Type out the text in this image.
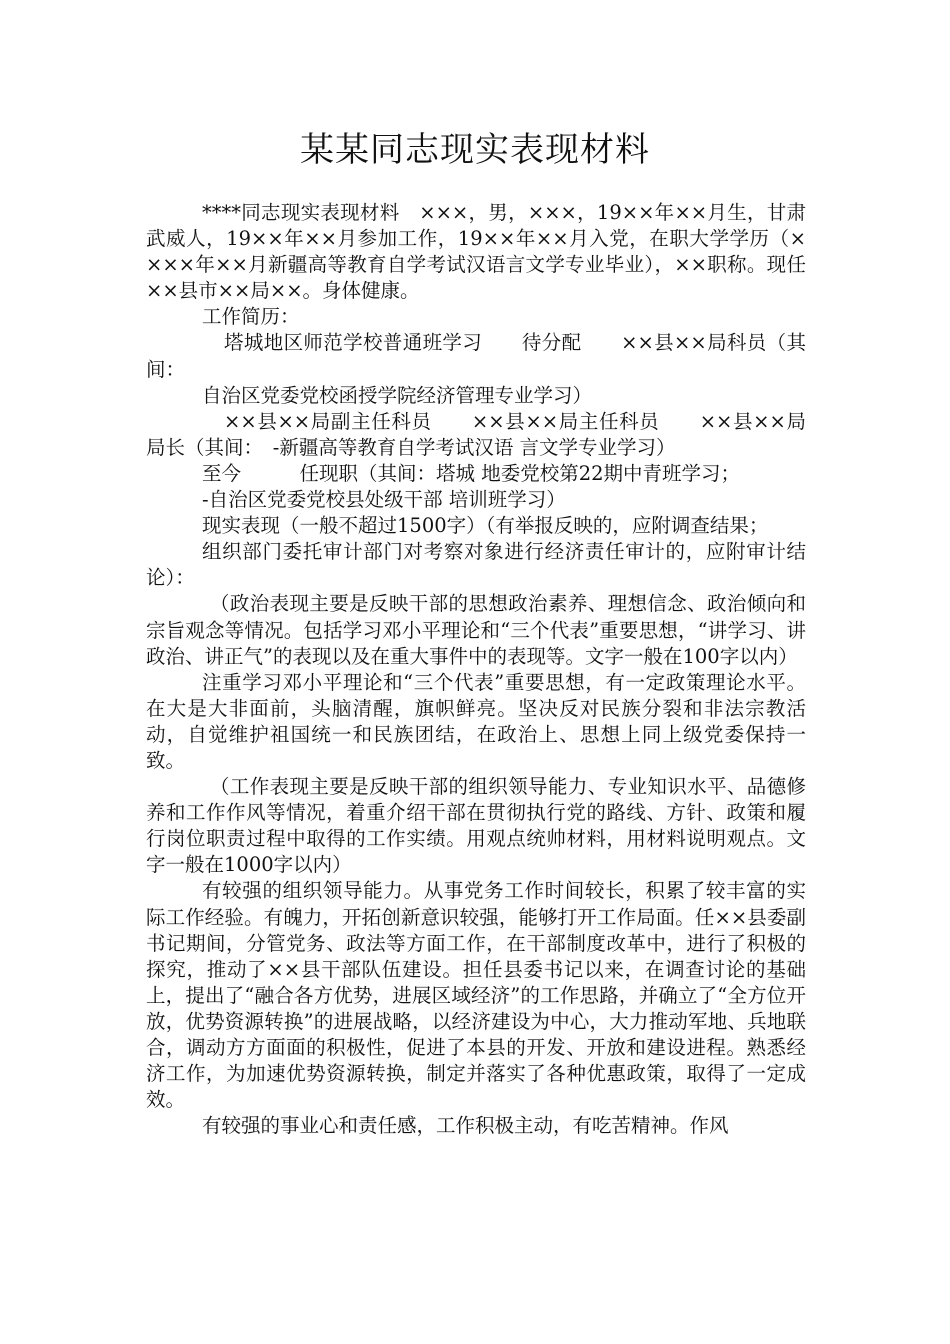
某某同志现实表现材料

****同志现实表现材料　×××，男，×××，19××年××月生，甘肃武威人，19××年××月参加工作，19××年××月入党，在职大学学历（××××年××月新疆高等教育自学考试汉语言文学专业毕业），××职称。现任××县市××局××。身体健康。

工作简历：

塔城地区师范学校普通班学习　　待分配　　××县××局科员（其间：

自治区党委党校函授学院经济管理专业学习）

××县××局副主任科员　　××县××局主任科员　　××县××局局长（其间：　-新疆高等教育自学考试汉语 言文学专业学习）

至今　　　任现职（其间：塔城 地委党校第22期中青班学习；

-自治区党委党校县处级干部 培训班学习）

现实表现（一般不超过1500字）（有举报反映的，应附调查结果；

组织部门委托审计部门对考察对象进行经济责任审计的，应附审计结论）：

（政治表现主要是反映干部的思想政治素养、理想信念、政治倾向和宗旨观念等情况。包括学习邓小平理论和“三个代表”重要思想，“讲学习、讲政治、讲正气”的表现以及在重大事件中的表现等。文字一般在100字以内）

注重学习邓小平理论和“三个代表”重要思想，有一定政策理论水平。在大是大非面前，头脑清醒，旗帜鲜亮。坚决反对民族分裂和非法宗教活动，自觉维护祖国统一和民族团结，在政治上、思想上同上级党委保持一致。

（工作表现主要是反映干部的组织领导能力、专业知识水平、品德修养和工作作风等情况，着重介绍干部在贯彻执行党的路线、方针、政策和履行岗位职责过程中取得的工作实绩。用观点统帅材料，用材料说明观点。文字一般在1000字以内）

有较强的组织领导能力。从事党务工作时间较长，积累了较丰富的实际工作经验。有魄力，开拓创新意识较强，能够打开工作局面。任××县委副书记期间，分管党务、政法等方面工作，在干部制度改革中，进行了积极的探究，推动了××县干部队伍建设。担任县委书记以来，在调查讨论的基础上，提出了“融合各方优势，进展区域经济”的工作思路，并确立了“全方位开放，优势资源转换”的进展战略，以经济建设为中心，大力推动军地、兵地联合，调动方方面面的积极性，促进了本县的开发、开放和建设进程。熟悉经济工作，为加速优势资源转换，制定并落实了各种优惠政策，取得了一定成效。

有较强的事业心和责任感，工作积极主动，有吃苦精神。作风
